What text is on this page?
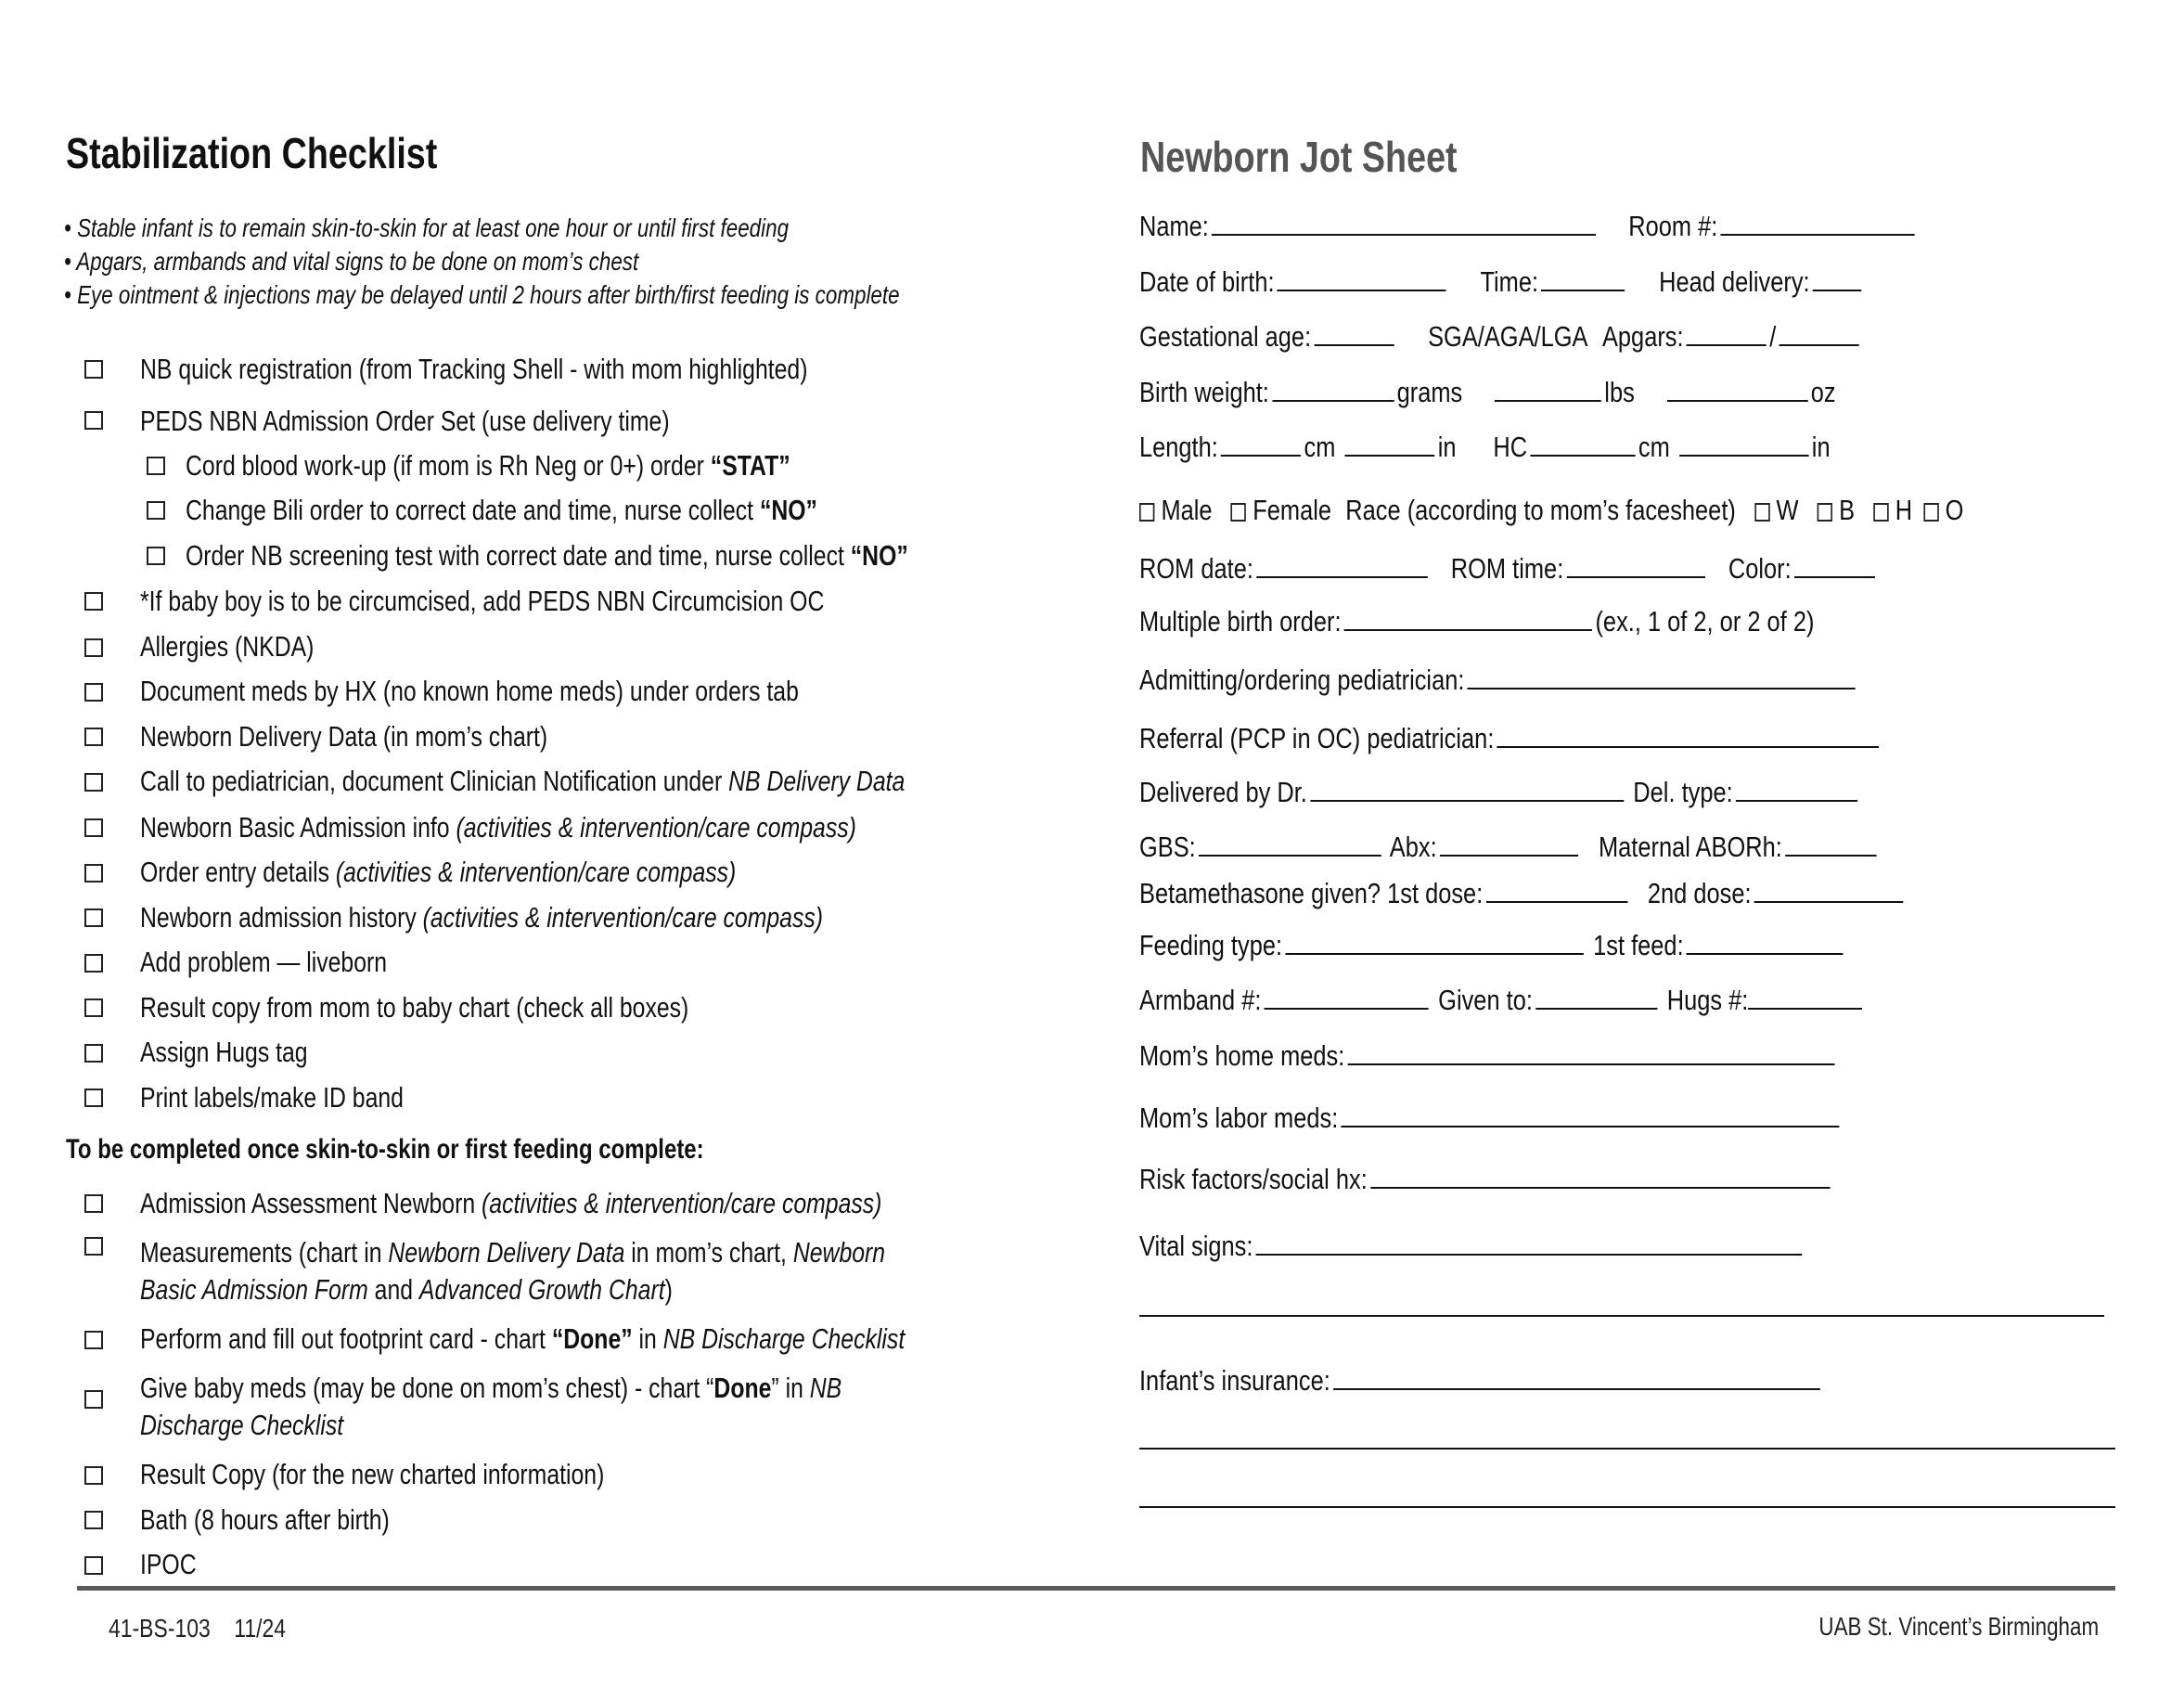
Stabilization Checklist
• Stable infant is to remain skin-to-skin for at least one hour or until first feeding
• Apgars, armbands and vital signs to be done on mom’s chest
• Eye ointment & injections may be delayed until 2 hours after birth/first feeding is complete
NB quick registration (from Tracking Shell - with mom highlighted)
PEDS NBN Admission Order Set (use delivery time)
Cord blood work-up (if mom is Rh Neg or 0+) order “STAT”
Change Bili order to correct date and time, nurse collect “NO”
Order NB screening test with correct date and time, nurse collect “NO”
*If baby boy is to be circumcised, add PEDS NBN Circumcision OC
Allergies (NKDA)
Document meds by HX (no known home meds) under orders tab
Newborn Delivery Data (in mom’s chart)
Call to pediatrician, document Clinician Notification under NB Delivery Data
Newborn Basic Admission info (activities & intervention/care compass)
Order entry details (activities & intervention/care compass)
Newborn admission history (activities & intervention/care compass)
Add problem — liveborn
Result copy from mom to baby chart (check all boxes)
Assign Hugs tag
Print labels/make ID band
To be completed once skin-to-skin or first feeding complete:
Admission Assessment Newborn (activities & intervention/care compass)
Measurements (chart in Newborn Delivery Data in mom’s chart, Newborn
Basic Admission Form and Advanced Growth Chart)
Perform and fill out footprint card - chart “Done” in NB Discharge Checklist
Give baby meds (may be done on mom’s chest) - chart “Done” in NB
Discharge Checklist
Result Copy (for the new charted information)
Bath (8 hours after birth)
IPOC
Newborn Jot Sheet
Name:	Room #:
Date of birth:	Time:	Head delivery:
Gestational age:	SGA/AGA/LGA Apgars:	/
Birth weight:	grams	lbs	oz
Length:	cm	in HC	cm	in
Male Female Race (according to mom’s facesheet) W B H O
ROM date:	ROM time:	Color:
Multiple birth order:	(ex., 1 of 2, or 2 of 2)
Admitting/ordering pediatrician:
Referral (PCP in OC) pediatrician:
Delivered by Dr.	Del. type:
GBS:	Abx:	Maternal ABORh:
Betamethasone given? 1st dose:	2nd dose:
Feeding type:	1st feed:
Armband #:	Given to:	Hugs #:
Mom’s home meds:
Mom’s labor meds:
Risk factors/social hx:
Vital signs:
Infant’s insurance:
41-BS-103 11/24	UAB St. Vincent’s Birmingham
